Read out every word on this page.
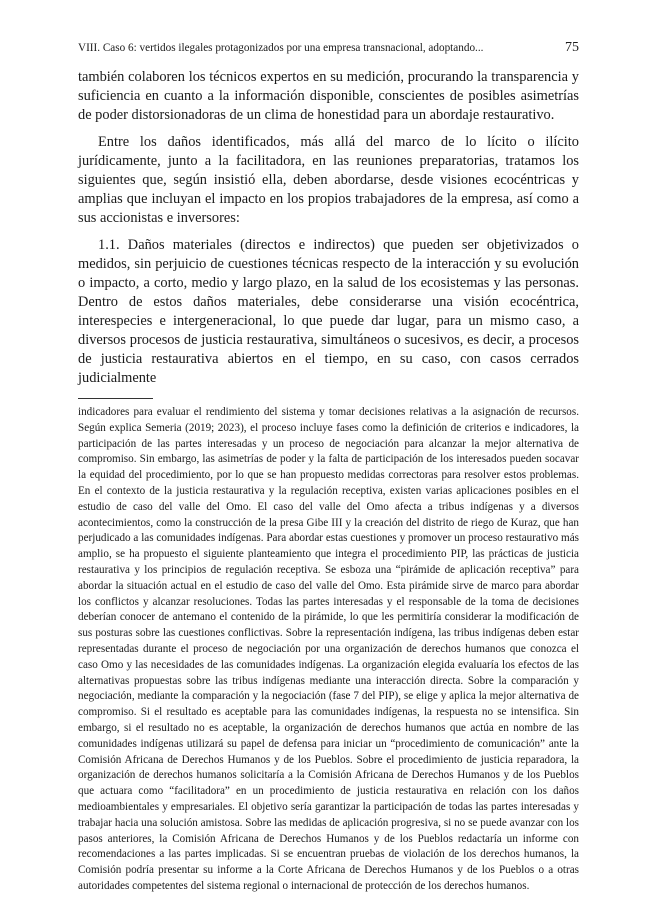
VIII. Caso 6: vertidos ilegales protagonizados por una empresa transnacional, adoptando...	75

también colaboren los técnicos expertos en su medición, procurando la transparencia y suficiencia en cuanto a la información disponible, conscientes de posibles asimetrías de poder distorsionadoras de un clima de honestidad para un abordaje restaurativo.

Entre los daños identificados, más allá del marco de lo lícito o ilícito jurídicamente, junto a la facilitadora, en las reuniones preparatorias, tratamos los siguientes que, según insistió ella, deben abordarse, desde visiones ecocéntricas y amplias que incluyan el impacto en los propios trabajadores de la empresa, así como a sus accionistas e inversores:

1.1. Daños materiales (directos e indirectos) que pueden ser objetivizados o medidos, sin perjuicio de cuestiones técnicas respecto de la interacción y su evolución o impacto, a corto, medio y largo plazo, en la salud de los ecosistemas y las personas. Dentro de estos daños materiales, debe considerarse una visión ecocéntrica, interespecies e intergeneracional, lo que puede dar lugar, para un mismo caso, a diversos procesos de justicia restaurativa, simultáneos o sucesivos, es decir, a procesos de justicia restaurativa abiertos en el tiempo, en su caso, con casos cerrados judicialmente

indicadores para evaluar el rendimiento del sistema y tomar decisiones relativas a la asignación de recursos. Según explica Semeria (2019; 2023), el proceso incluye fases como la definición de criterios e indicadores, la participación de las partes interesadas y un proceso de negociación para alcanzar la mejor alternativa de compromiso. Sin embargo, las asimetrías de poder y la falta de participación de los interesados pueden socavar la equidad del procedimiento, por lo que se han propuesto medidas correctoras para resolver estos problemas. En el contexto de la justicia restaurativa y la regulación receptiva, existen varias aplicaciones posibles en el estudio de caso del valle del Omo. El caso del valle del Omo afecta a tribus indígenas y a diversos acontecimientos, como la construcción de la presa Gibe III y la creación del distrito de riego de Kuraz, que han perjudicado a las comunidades indígenas. Para abordar estas cuestiones y promover un proceso restaurativo más amplio, se ha propuesto el siguiente planteamiento que integra el procedimiento PIP, las prácticas de justicia restaurativa y los principios de regulación receptiva. Se esboza una “pirámide de aplicación receptiva” para abordar la situación actual en el estudio de caso del valle del Omo. Esta pirámide sirve de marco para abordar los conflictos y alcanzar resoluciones. Todas las partes interesadas y el responsable de la toma de decisiones deberían conocer de antemano el contenido de la pirámide, lo que les permitiría considerar la modificación de sus posturas sobre las cuestiones conflictivas. Sobre la representación indígena, las tribus indígenas deben estar representadas durante el proceso de negociación por una organización de derechos humanos que conozca el caso Omo y las necesidades de las comunidades indígenas. La organización elegida evaluaría los efectos de las alternativas propuestas sobre las tribus indígenas mediante una interacción directa. Sobre la comparación y negociación, mediante la comparación y la negociación (fase 7 del PIP), se elige y aplica la mejor alternativa de compromiso. Si el resultado es aceptable para las comunidades indígenas, la respuesta no se intensifica. Sin embargo, si el resultado no es aceptable, la organización de derechos humanos que actúa en nombre de las comunidades indígenas utilizará su papel de defensa para iniciar un “procedimiento de comunicación” ante la Comisión Africana de Derechos Humanos y de los Pueblos. Sobre el procedimiento de justicia reparadora, la organización de derechos humanos solicitaría a la Comisión Africana de Derechos Humanos y de los Pueblos que actuara como “facilitadora” en un procedimiento de justicia restaurativa en relación con los daños medioambientales y empresariales. El objetivo sería garantizar la participación de todas las partes interesadas y trabajar hacia una solución amistosa. Sobre las medidas de aplicación progresiva, si no se puede avanzar con los pasos anteriores, la Comisión Africana de Derechos Humanos y de los Pueblos redactaría un informe con recomendaciones a las partes implicadas. Si se encuentran pruebas de violación de los derechos humanos, la Comisión podría presentar su informe a la Corte Africana de Derechos Humanos y de los Pueblos o a otras autoridades competentes del sistema regional o internacional de protección de los derechos humanos.
